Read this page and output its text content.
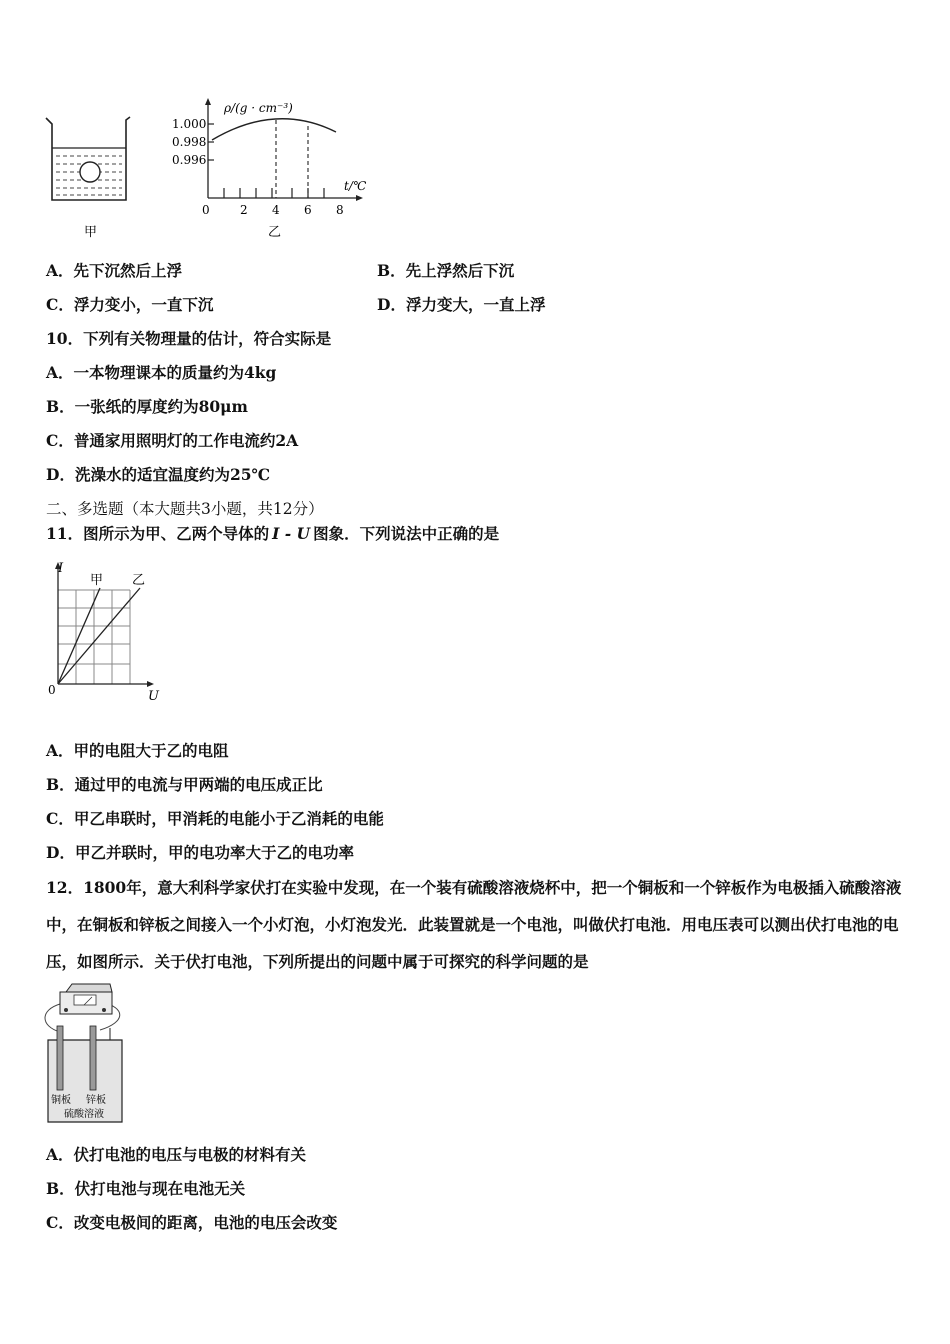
甲
ρ/(g · cm⁻³)
t/℃
1.000
0.998
0.996
0	2 4 6 8
乙
A．先下沉然后上浮	B．先上浮然后下沉
C．浮力变小，一直下沉	D．浮力变大，一直上浮
10．下列有关物理量的估计，符合实际是
A．一本物理课本的质量约为4kg
B．一张纸的厚度约为80μm
C．普通家用照明灯的工作电流约2A
D．洗澡水的适宜温度约为25℃
二、多选题（本大题共3小题，共12分）
11．图所示为甲、乙两个导体的 I - U 图象．下列说法中正确的是
I
U
0
甲 乙
A．甲的电阻大于乙的电阻
B．通过甲的电流与甲两端的电压成正比
C．甲乙串联时，甲消耗的电能小于乙消耗的电能
D．甲乙并联时，甲的电功率大于乙的电功率
12．1800年，意大利科学家伏打在实验中发现，在一个装有硫酸溶液烧杯中，把一个铜板和一个锌板作为电极插入硫酸溶液中，在铜板和锌板之间接入一个小灯泡，小灯泡发光．此装置就是一个电池，叫做伏打电池．用电压表可以测出伏打电池的电压，如图所示．关于伏打电池，下列所提出的问题中属于可探究的科学问题的是
铜板 锌板
硫酸溶液
A．伏打电池的电压与电极的材料有关
B．伏打电池与现在电池无关
C．改变电极间的距离，电池的电压会改变
